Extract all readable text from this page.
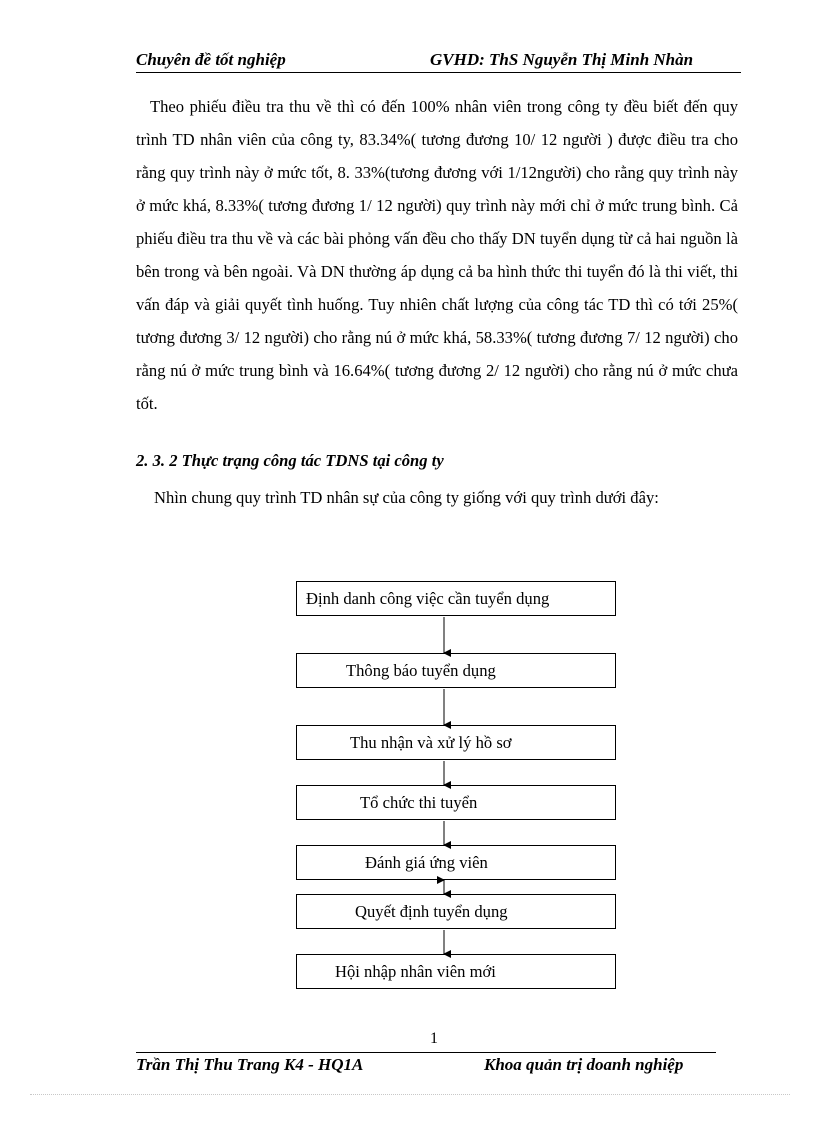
Chuyên đề tốt nghiệp	GVHD: ThS Nguyễn Thị Minh Nhàn

Theo phiếu điều tra thu về thì có đến 100% nhân viên trong công ty đều biết đến quy trình TD nhân viên của công ty, 83.34%( tương đương 10/ 12 người ) được điều tra cho rằng quy trình này ở mức tốt, 8. 33%(tương đương với 1/12người) cho rằng quy trình này ở mức khá, 8.33%( tương đương 1/ 12 người) quy trình này mới chỉ ở mức trung bình. Cả phiếu điều tra thu về và các bài phỏng vấn đều cho thấy DN tuyển dụng từ cả hai nguồn là bên trong và bên ngoài. Và DN thường áp dụng cả ba hình thức thi tuyển đó là thi viết, thi vấn đáp và giải quyết tình huống. Tuy nhiên chất lượng của công tác TD thì có tới 25%( tương đương 3/ 12 người) cho rằng nú ở mức khá, 58.33%( tương đương 7/ 12 người) cho rằng nú ở mức trung bình và 16.64%( tương đương 2/ 12 người) cho rằng nú ở mức chưa tốt.

2. 3. 2 Thực trạng công tác TDNS tại công ty

Nhìn chung quy trình TD nhân sự của công ty giống với quy trình dưới đây:

Định danh công việc cần tuyển dụng
Thông báo tuyển dụng
Thu nhận và xử lý hồ sơ
Tổ chức thi tuyển
Đánh giá ứng viên
Quyết định tuyển dụng
Hội nhập nhân viên mới
1
Trần Thị Thu Trang K4 - HQ1A	Khoa quản trị doanh nghiệp
